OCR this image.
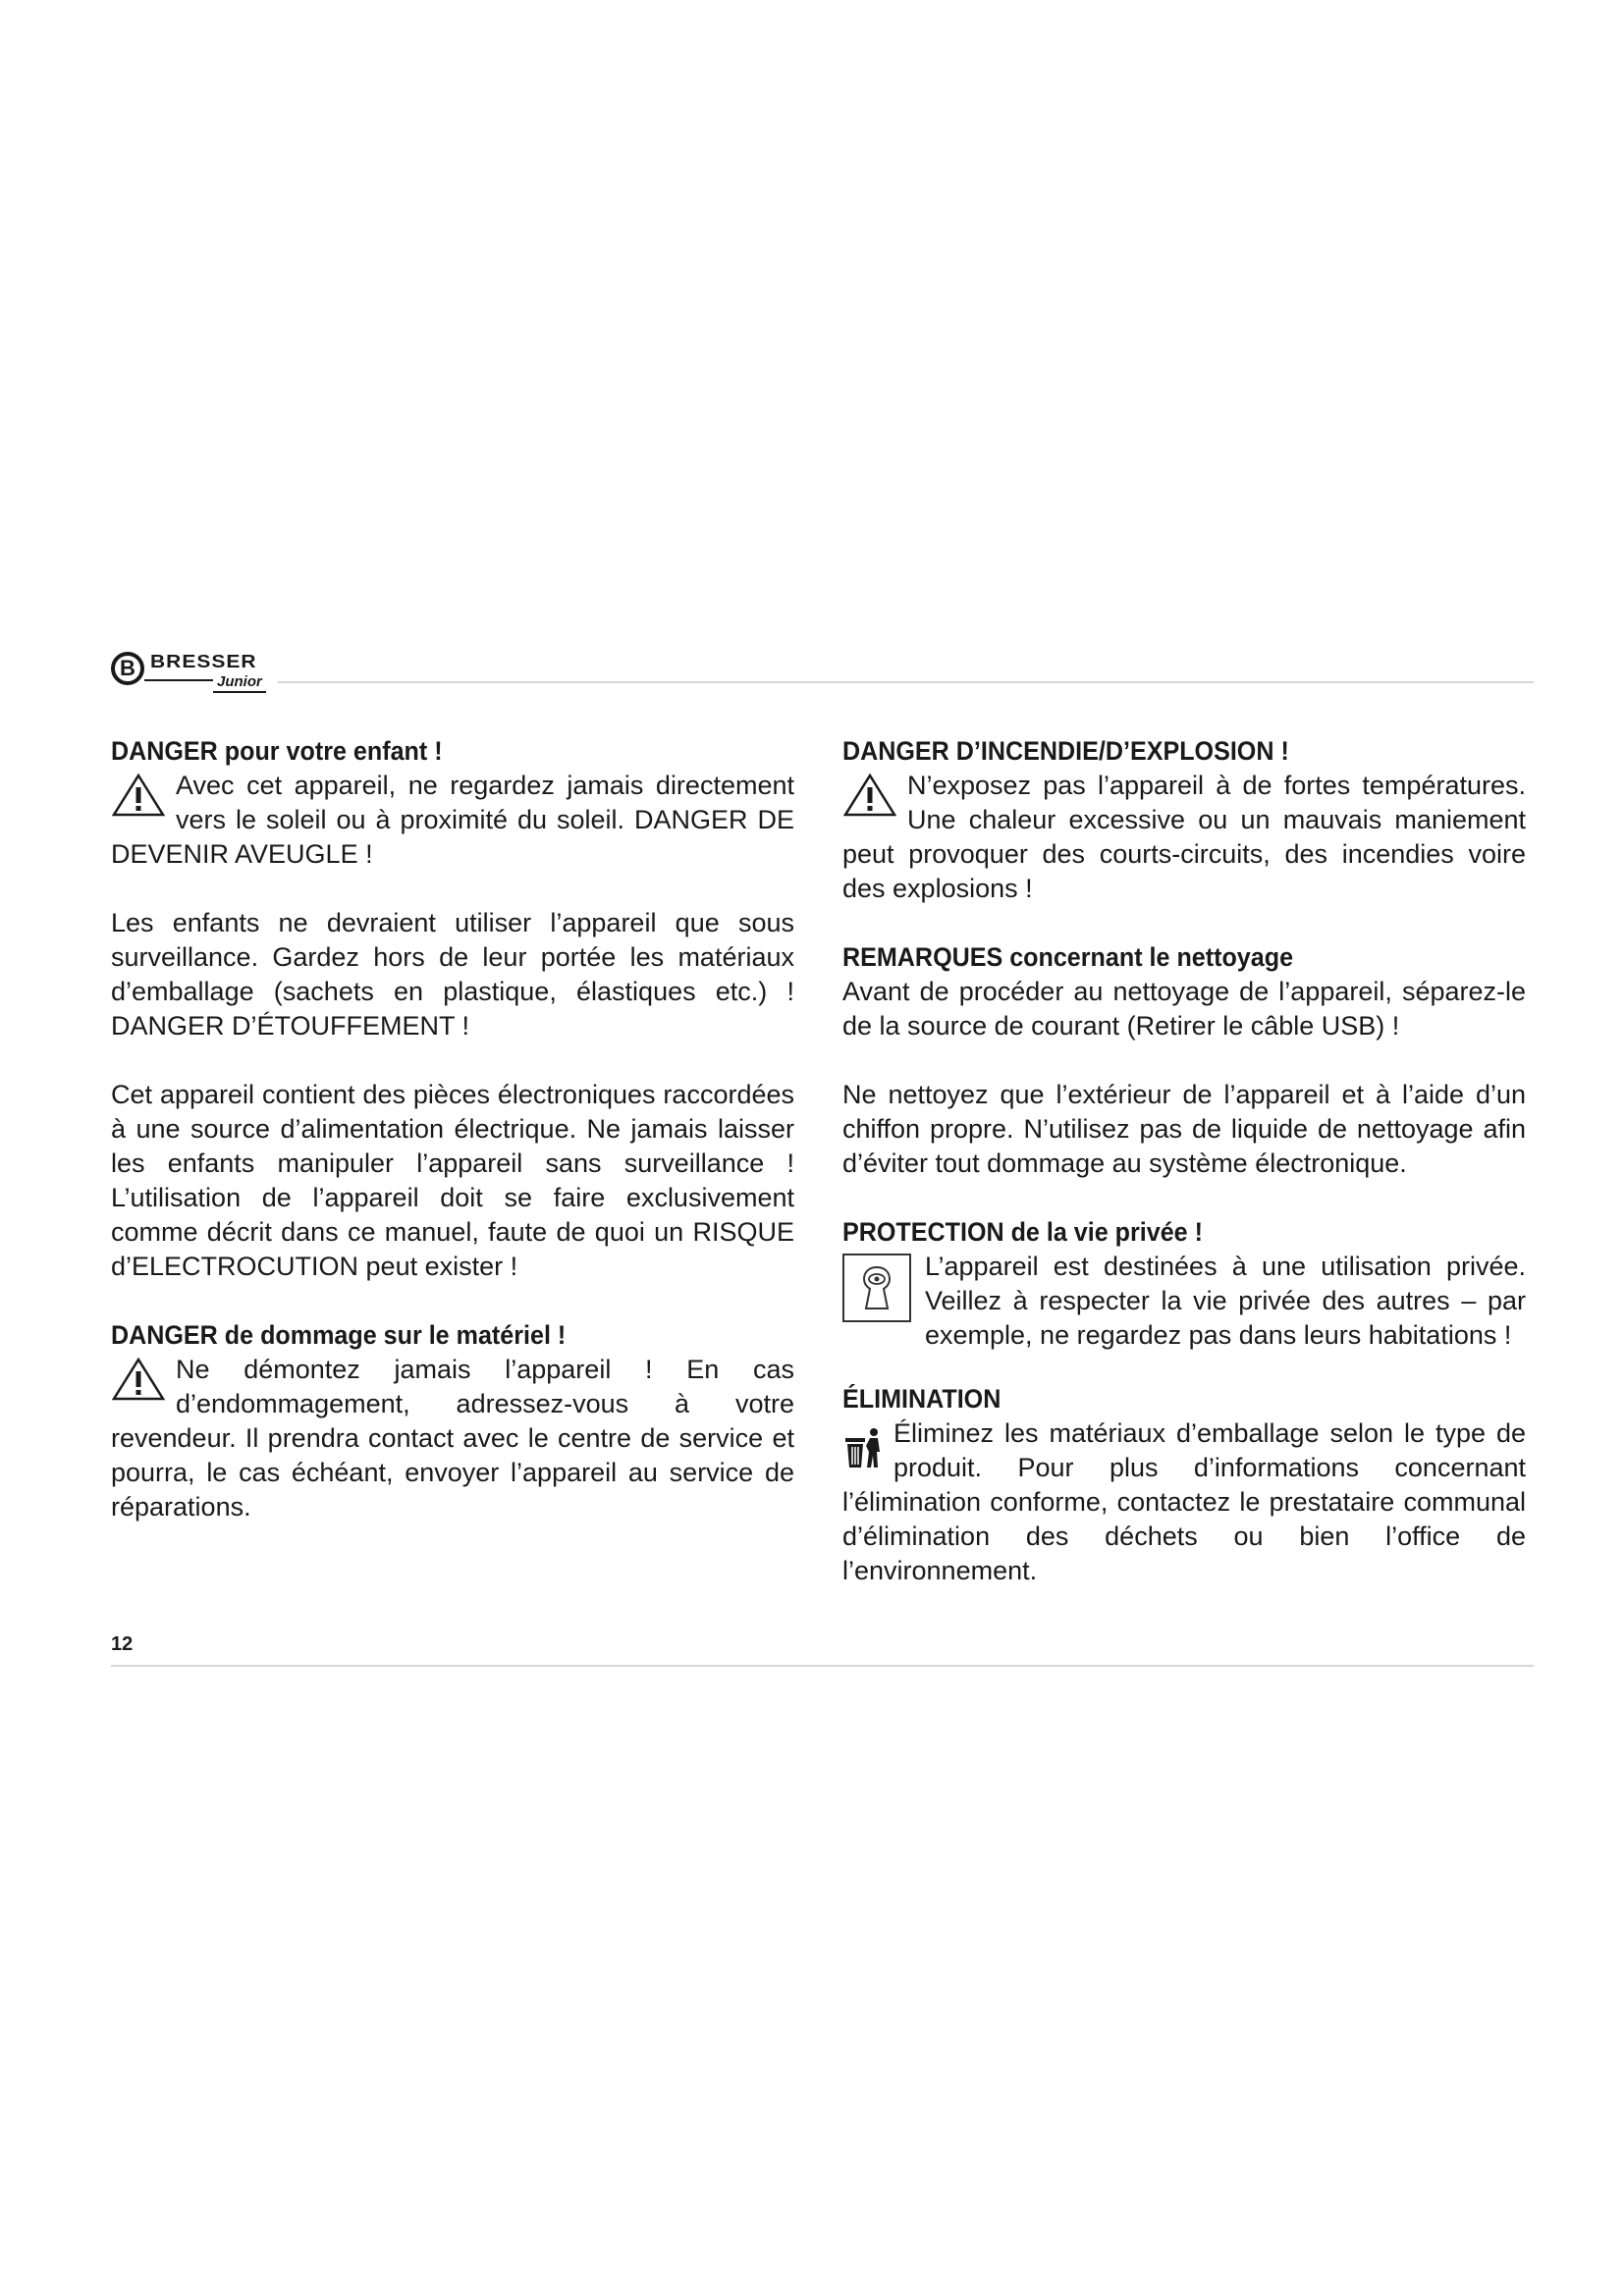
B BRESSER
Junior
DANGER pour votre enfant !

Avec cet appareil, ne regardez jamais directement vers le soleil ou à proximité du soleil. DANGER DE DEVENIR AVEUGLE !

Les enfants ne devraient utiliser l’appareil que sous surveillance. Gardez hors de leur portée les matériaux d’emballage (sachets en plastique, élastiques etc.) ! DANGER D’ÉTOUFFEMENT !

Cet appareil contient des pièces électroniques raccordées à une source d’alimentation électrique. Ne jamais laisser les enfants manipuler l’appareil sans surveillance ! L’utilisation de l’appareil doit se faire exclusivement comme décrit dans ce manuel, faute de quoi un RISQUE d’ELECTROCUTION peut exister !

DANGER de dommage sur le matériel !

Ne démontez jamais l’appareil ! En cas d’endommagement, adressez-vous à votre revendeur. Il prendra contact avec le centre de service et pourra, le cas échéant, envoyer l’appareil au service de réparations.

DANGER D’INCENDIE/D’EXPLOSION !

N’exposez pas l’appareil à de fortes températures. Une chaleur excessive ou un mauvais maniement peut provoquer des courts-circuits, des incendies voire des explosions !

REMARQUES concernant le nettoyage

Avant de procéder au nettoyage de l’appareil, séparez-le de la source de courant (Retirer le câble USB) !

Ne nettoyez que l’extérieur de l’appareil et à l’aide d’un chiffon propre. N’utilisez pas de liquide de nettoyage afin d’éviter tout dommage au système électronique.

PROTECTION de la vie privée !

L’appareil est destinées à une utilisation privée. Veillez à respecter la vie privée des autres – par exemple, ne regardez pas dans leurs habitations !

ÉLIMINATION

Éliminez les matériaux d’emballage selon le type de produit. Pour plus d’informations concernant l’élimination conforme, contactez le prestataire communal d’élimination des déchets ou bien l’office de l’environnement.

12
